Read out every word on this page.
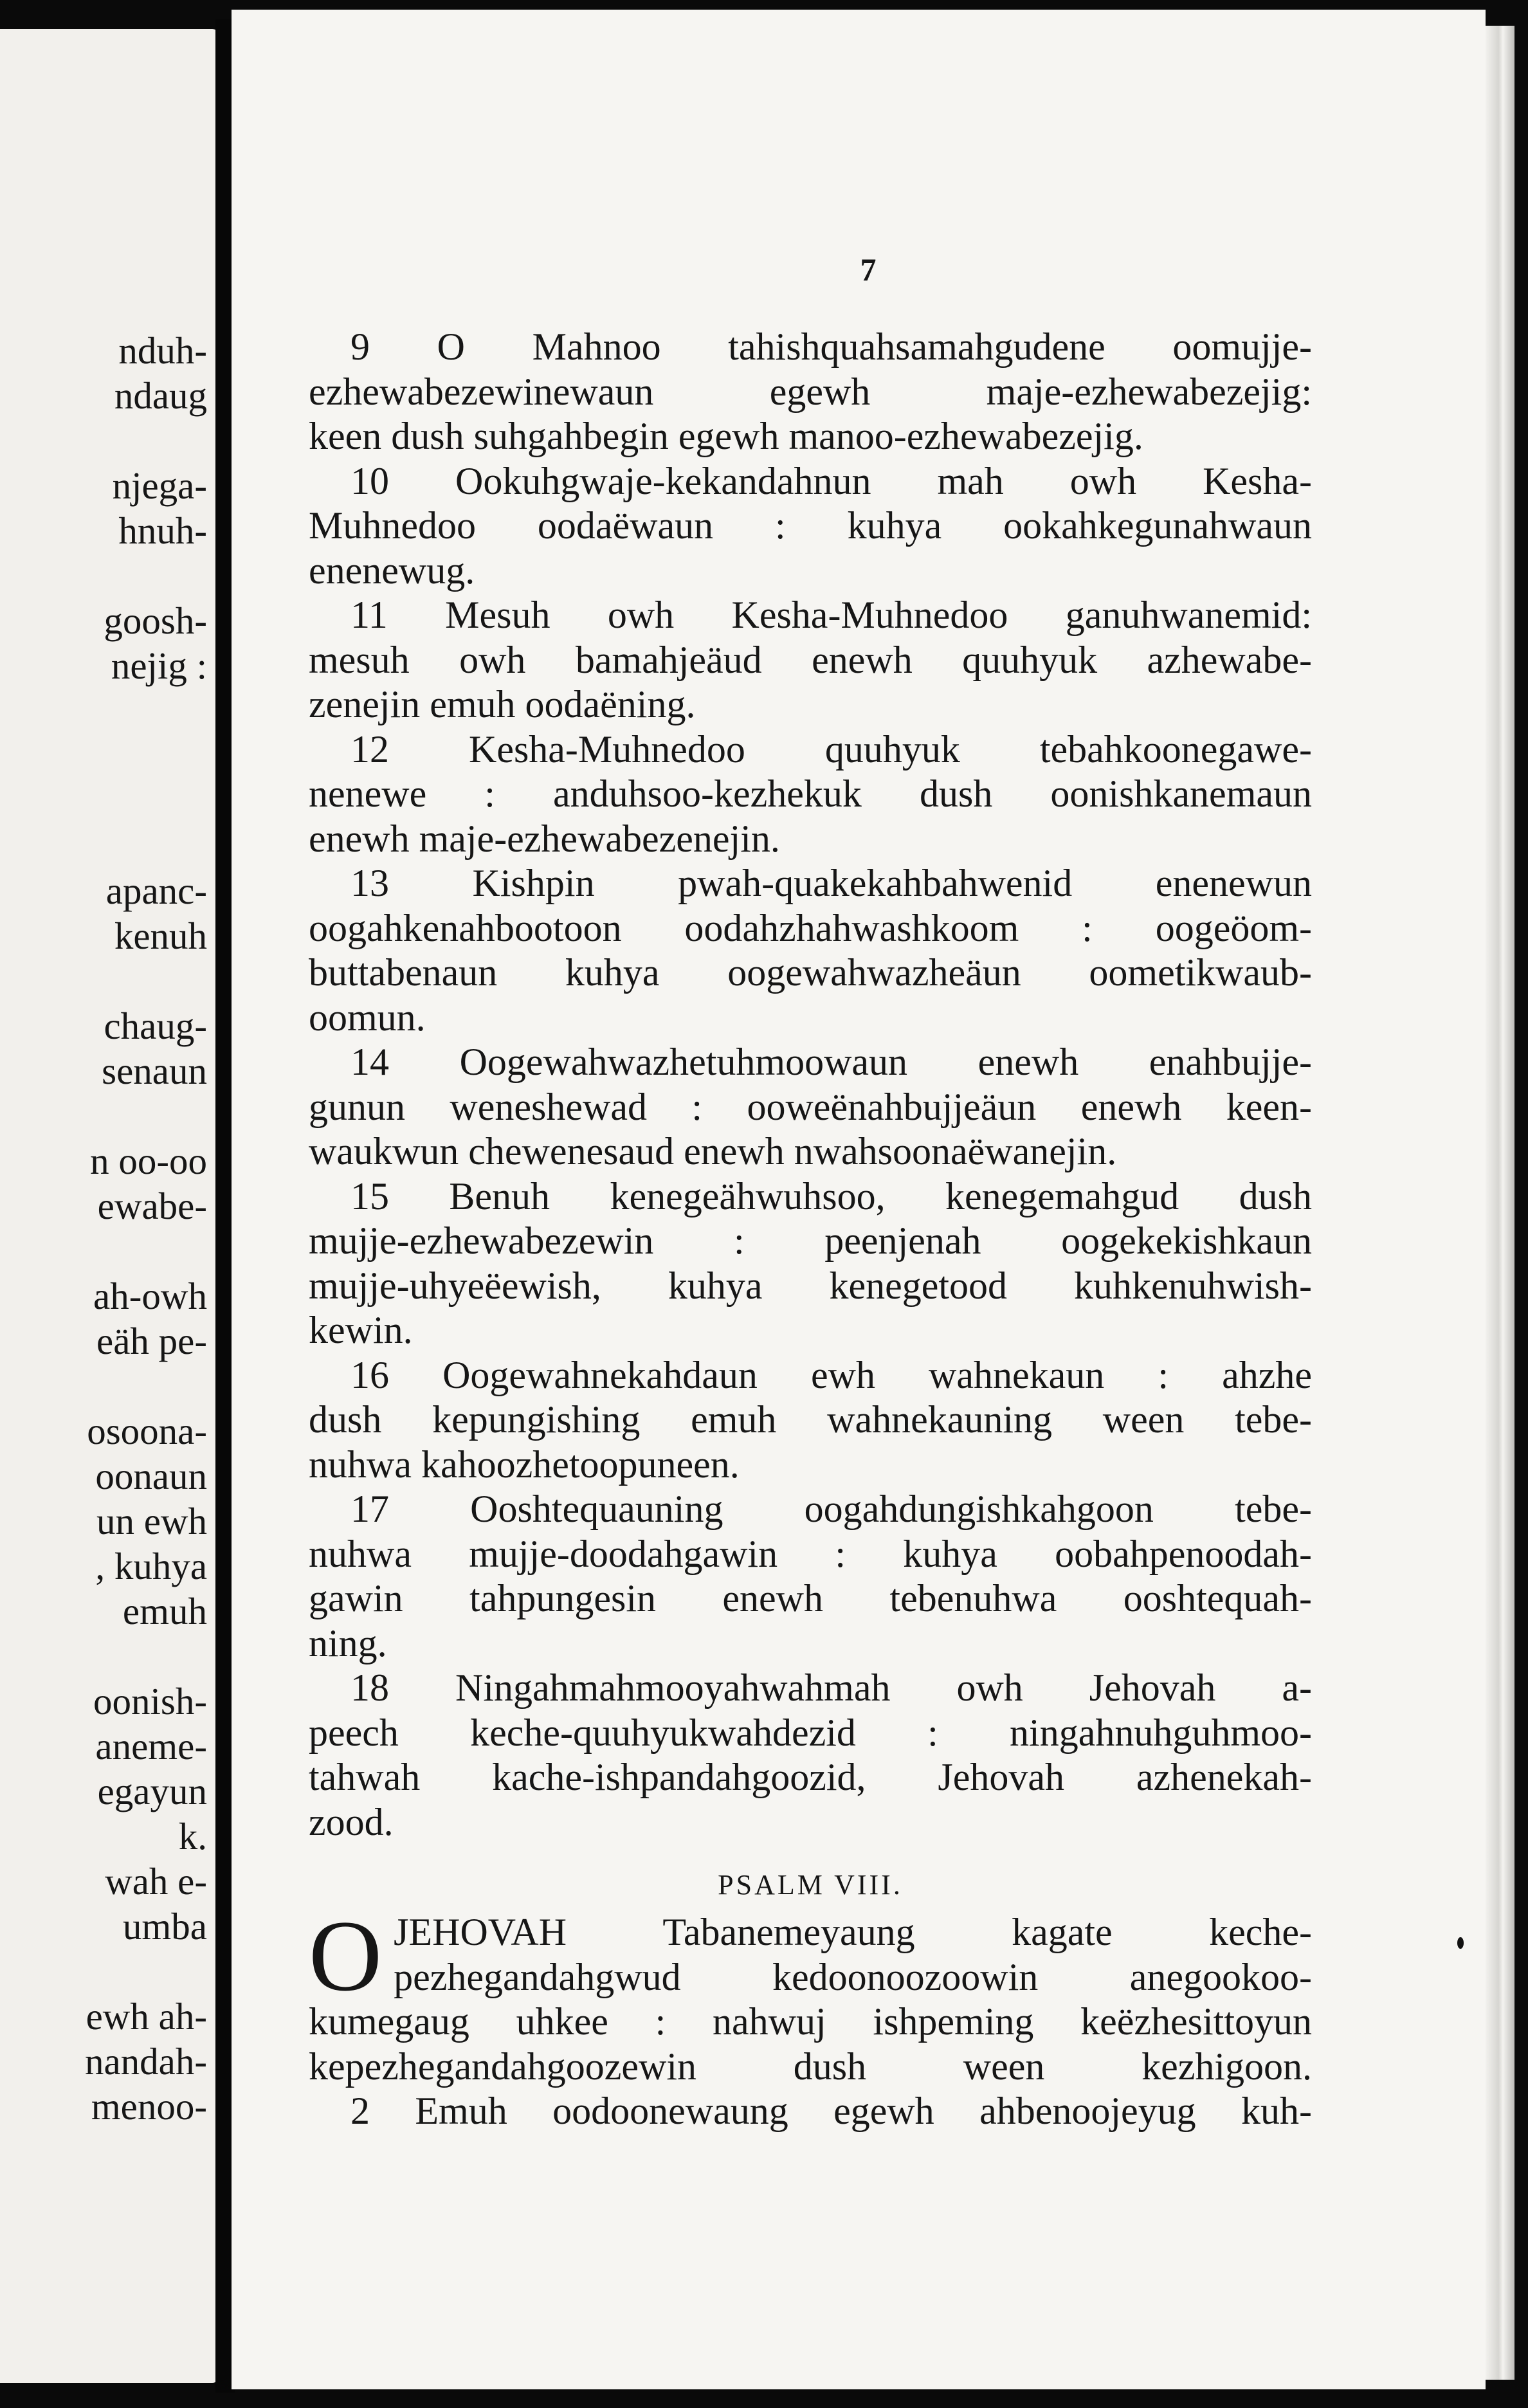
nduh-
ndaug
njega-
hnuh-
goosh-
nejig :
apanc-
kenuh
chaug-
senaun
n oo-oo
ewabe-
ah-owh
eäh pe-
osoona-
oonaun
un ewh
, kuhya
emuh
oonish-
aneme-
egayun
k.
wah e-
umba
ewh ah-
nandah-
menoo-
7
9 O Mahnoo tahishquahsamahgudene oomujje-
ezhewabezewinewaun egewh maje-ezhewabezejig:
keen dush suhgahbegin egewh manoo-ezhewabezejig.
10 Ookuhgwaje-kekandahnun mah owh Kesha-
Muhnedoo oodaëwaun : kuhya ookahkegunahwaun
enenewug.
11 Mesuh owh Kesha-Muhnedoo ganuhwanemid:
mesuh owh bamahjeäud enewh quuhyuk azhewabe-
zenejin emuh oodaëning.
12 Kesha-Muhnedoo quuhyuk tebahkoonegawe-
nenewe : anduhsoo-kezhekuk dush oonishkanemaun
enewh maje-ezhewabezenejin.
13 Kishpin pwah-quakekahbahwenid enenewun
oogahkenahbootoon oodahzhahwashkoom : oogeöom-
buttabenaun kuhya oogewahwazheäun oometikwaub-
oomun.
14 Oogewahwazhetuhmoowaun enewh enahbujje-
gunun weneshewad : ooweënahbujjeäun enewh keen-
waukwun chewenesaud enewh nwahsoonaëwanejin.
15 Benuh kenegeähwuhsoo, kenegemahgud dush
mujje-ezhewabezewin : peenjenah oogekekishkaun
mujje-uhyeëewish, kuhya kenegetood kuhkenuhwish-
kewin.
16 Oogewahnekahdaun ewh wahnekaun : ahzhe
dush kepungishing emuh wahnekauning ween tebe-
nuhwa kahoozhetoopuneen.
17 Ooshtequauning oogahdungishkahgoon tebe-
nuhwa mujje-doodahgawin : kuhya oobahpenoodah-
gawin tahpungesin enewh tebenuhwa ooshtequah-
ning.
18 Ningahmahmooyahwahmah owh Jehovah a-
peech keche-quuhyukwahdezid : ningahnuhguhmoo-
tahwah kache-ishpandahgoozid, Jehovah azhenekah-
zood.
PSALM VIII.
O JEHOVAH Tabanemeyaung kagate keche-
pezhegandahgwud kedoonoozoowin anegookoo-
kumegaug uhkee : nahwuj ishpeming keëzhesittoyun
kepezhegandahgoozewin dush ween kezhigoon.
2 Emuh oodoonewaung egewh ahbenoojeyug kuh-
